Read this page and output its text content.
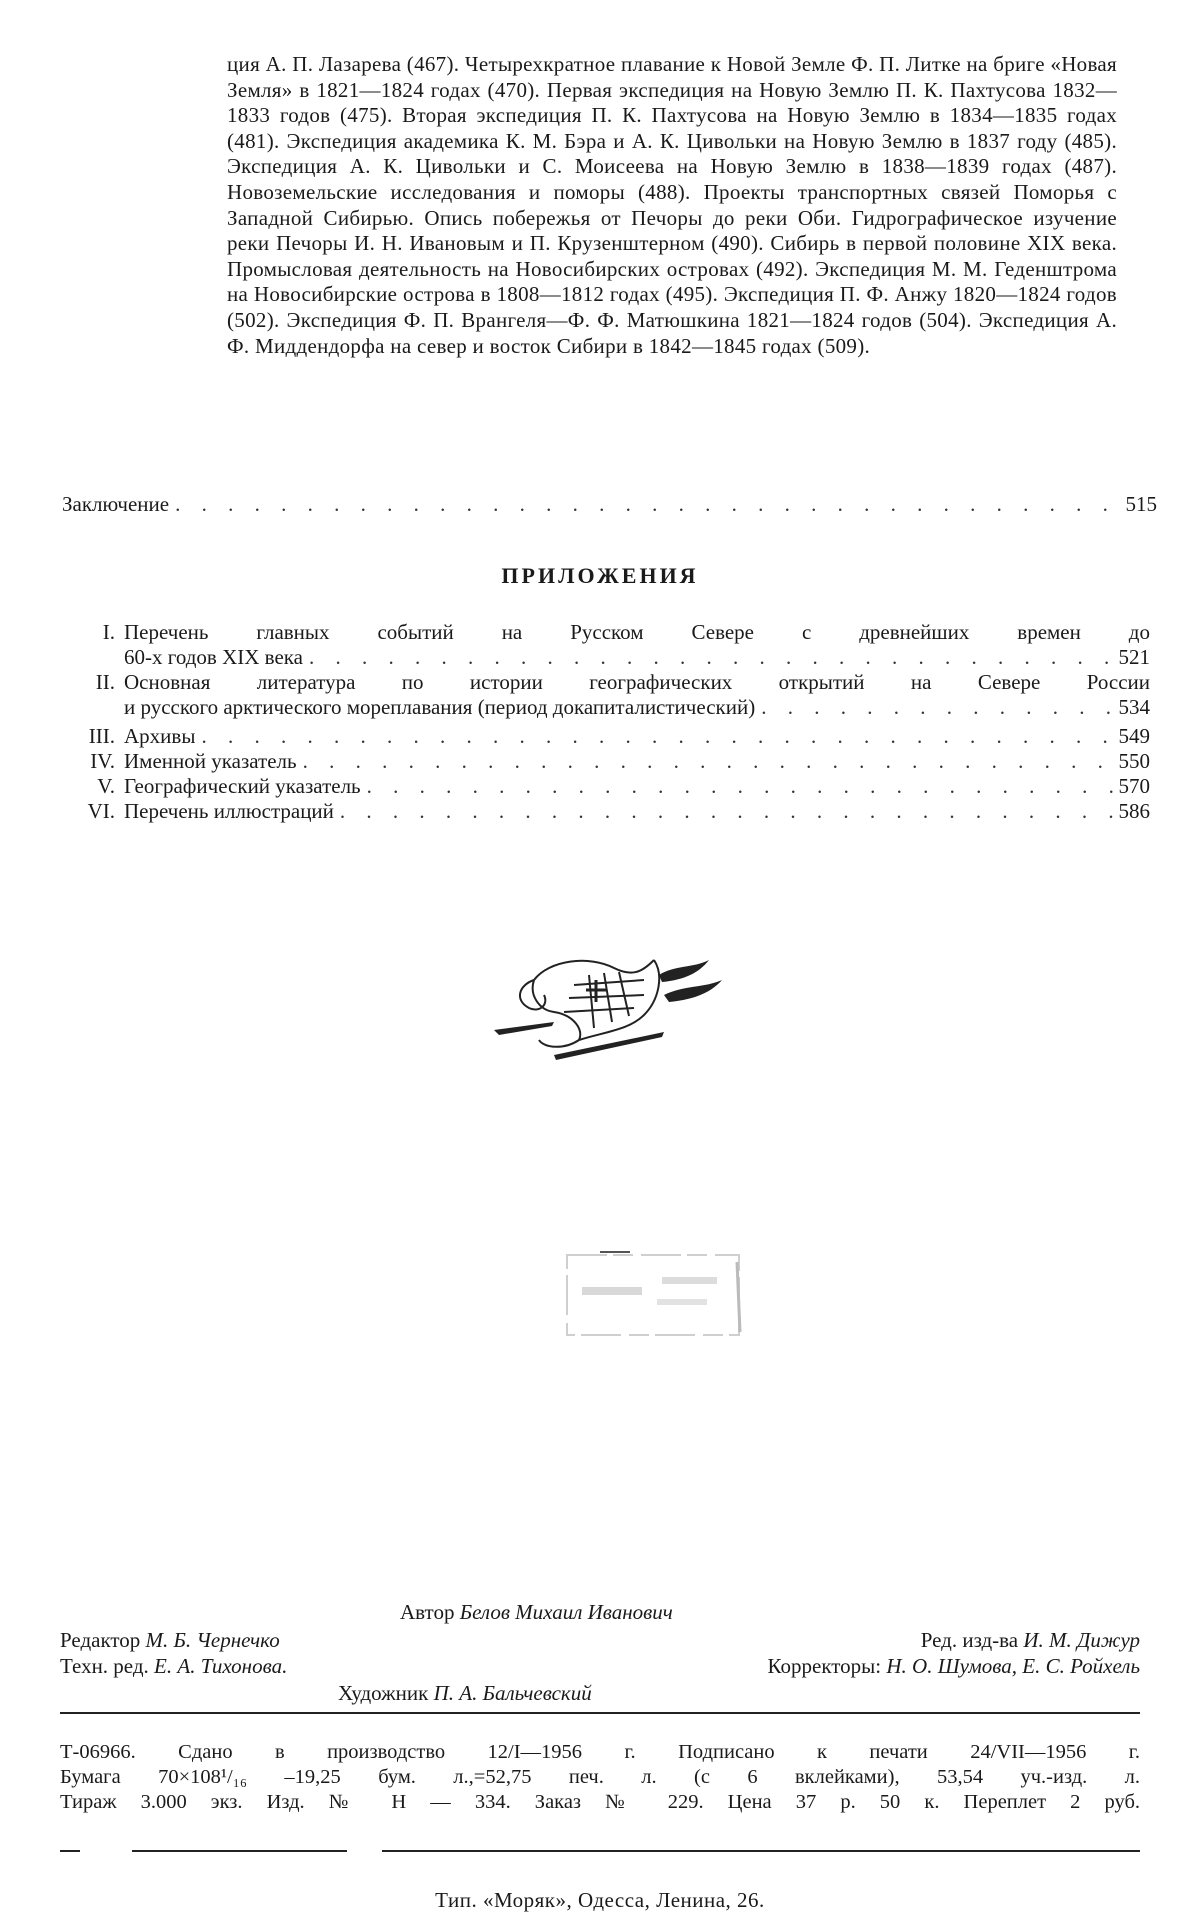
ция А. П. Лазарева (467). Четырехкратное плавание к Новой Земле Ф. П. Литке на бриге «Новая Земля» в 1821—1824 годах (470). Первая экспедиция на Новую Землю П. К. Пахтусова 1832—1833 годов (475). Вторая экспедиция П. К. Пахтусова на Новую Землю в 1834—1835 годах (481). Экспедиция академика К. М. Бэра и А. К. Цивольки на Новую Землю в 1837 году (485). Экспедиция А. К. Цивольки и С. Моисеева на Новую Землю в 1838—1839 годах (487). Новоземельские исследования и поморы (488). Проекты транспортных связей Поморья с Западной Сибирью. Опись побережья от Печоры до реки Оби. Гидрографическое изучение реки Печоры И. Н. Ивановым и П. Крузенштерном (490). Сибирь в первой половине XIX века. Промысловая деятельность на Новосибирских островах (492). Экспедиция М. М. Геденштрома на Новосибирские острова в 1808—1812 годах (495). Экспедиция П. Ф. Анжу 1820—1824 годов (502). Экспедиция Ф. П. Врангеля—Ф. Ф. Матюшкина 1821—1824 годов (504). Экспедиция А. Ф. Миддендорфа на север и восток Сибири в 1842—1845 годах (509).
Заключение . . .	515
ПРИЛОЖЕНИЯ
I. Перечень главных событий на Русском Севере с древнейших времен до
60-х годов XIX века . . .	521
II. Основная литература по истории географических открытий на Севере России
и русского арктического мореплавания (период докапиталистический) . . .	534
III. Архивы . . .	549
IV. Именной указатель . . .	550
V. Географический указатель . . .	570
VI. Перечень иллюстраций . . .	586
Автор Белов Михаил Иванович
Редактор М. Б. Чернечко	Ред. изд-ва И. М. Дижур
Техн. ред. Е. А. Тихонова.	Корректоры: Н. О. Шумова, Е. С. Ройхель
Художник П. А. Бальчевский
Т-06966. Сдано в производство 12/I—1956 г. Подписано к печати 24/VII—1956 г.
Бумага 70×108¹/₁₆ –19,25 бум. л.,=52,75 печ. л. (с 6 вклейками), 53,54 уч.-изд. л.
Тираж 3.000 экз. Изд. № Н — 334. Заказ № 229. Цена 37 р. 50 к. Переплет 2 руб.
Тип. «Моряк», Одесса, Ленина, 26.
